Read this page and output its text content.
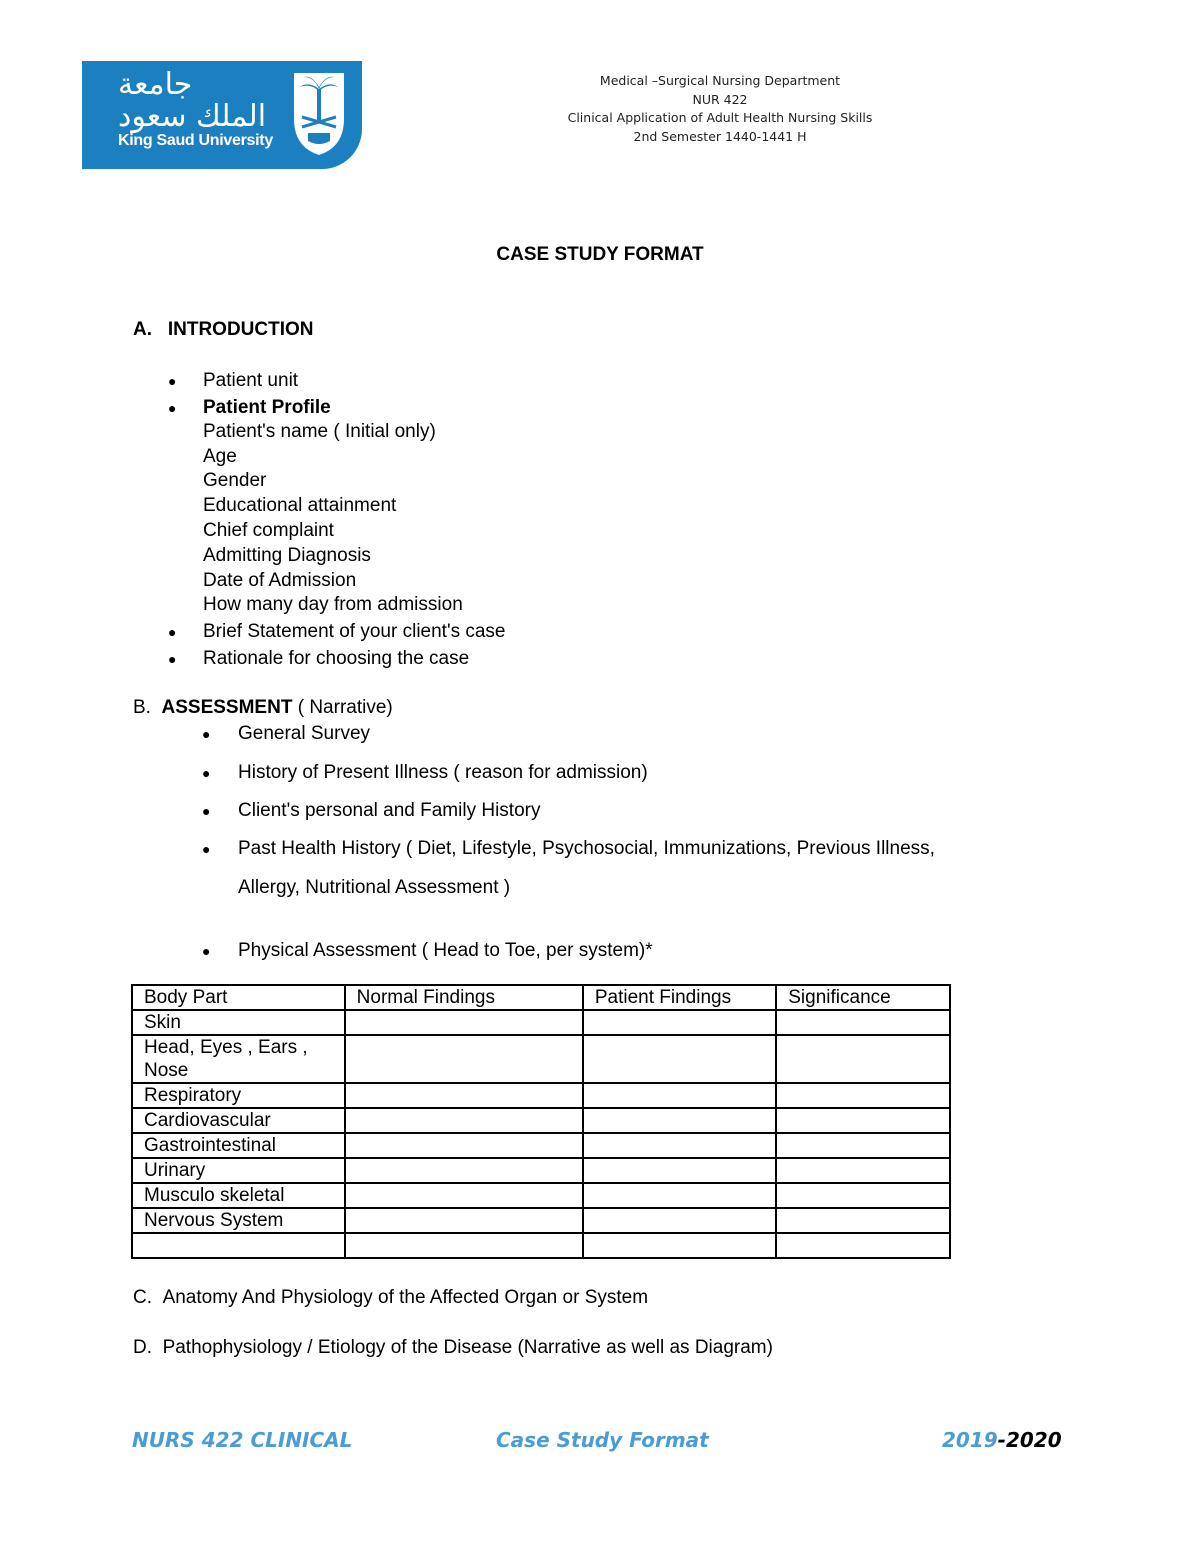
جامعة
الملك سعود
King Saud University
Medical –Surgical Nursing Department
NUR 422
Clinical Application of Adult Health Nursing Skills
2nd Semester 1440-1441 H
CASE STUDY FORMAT
A. INTRODUCTION
● Patient unit
● Patient Profile
Patient's name ( Initial only)
Age
Gender
Educational attainment
Chief complaint
Admitting Diagnosis
Date of Admission
How many day from admission
● Brief Statement of your client's case
● Rationale for choosing the case
B. ASSESSMENT ( Narrative)
● General Survey
● History of Present Illness ( reason for admission)
● Client's personal and Family History
● Past Health History ( Diet, Lifestyle, Psychosocial, Immunizations, Previous Illness,
Allergy, Nutritional Assessment )
● Physical Assessment ( Head to Toe, per system)*
Body Part	Normal Findings	Patient Findings	Significance
Skin			

Head, Eyes , Ears ,
Nose			

Respiratory			
Cardiovascular			
Gastrointestinal			
Urinary			
Musculo skeletal			
Nervous System			

C. Anatomy And Physiology of the Affected Organ or System
D. Pathophysiology / Etiology of the Disease (Narrative as well as Diagram)
NURS 422 CLINICAL	Case Study Format	2019-2020
